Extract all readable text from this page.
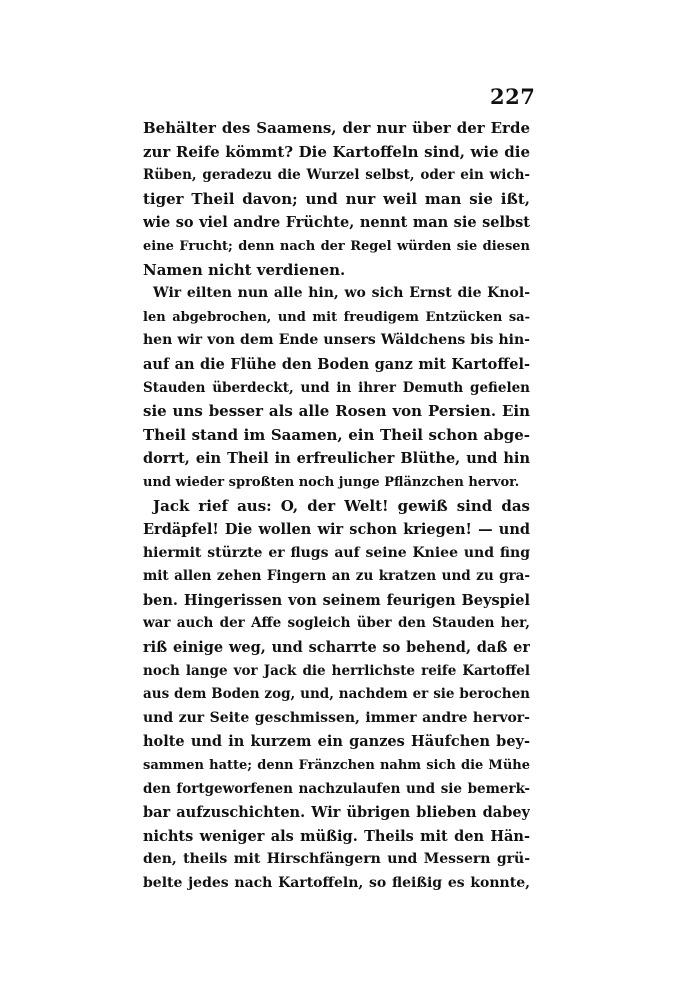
227
Behälter des Saamens, der nur über der Erde
zur Reife kömmt? Die Kartoffeln sind, wie die
Rüben, geradezu die Wurzel selbst, oder ein wich-
tiger Theil davon; und nur weil man sie ißt,
wie so viel andre Früchte, nennt man sie selbst
eine Frucht; denn nach der Regel würden sie diesen
Namen nicht verdienen.
Wir eilten nun alle hin, wo sich Ernst die Knol-
len abgebrochen, und mit freudigem Entzücken sa-
hen wir von dem Ende unsers Wäldchens bis hin-
auf an die Flühe den Boden ganz mit Kartoffel-
Stauden überdeckt, und in ihrer Demuth gefielen
sie uns besser als alle Rosen von Persien. Ein
Theil stand im Saamen, ein Theil schon abge-
dorrt, ein Theil in erfreulicher Blüthe, und hin
und wieder sproßten noch junge Pflänzchen hervor.
Jack rief aus: O, der Welt! gewiß sind das
Erdäpfel! Die wollen wir schon kriegen! — und
hiermit stürzte er flugs auf seine Kniee und fing
mit allen zehen Fingern an zu kratzen und zu gra-
ben. Hingerissen von seinem feurigen Beyspiel
war auch der Affe sogleich über den Stauden her,
riß einige weg, und scharrte so behend, daß er
noch lange vor Jack die herrlichste reife Kartoffel
aus dem Boden zog, und, nachdem er sie berochen
und zur Seite geschmissen, immer andre hervor-
holte und in kurzem ein ganzes Häufchen bey-
sammen hatte; denn Fränzchen nahm sich die Mühe
den fortgeworfenen nachzulaufen und sie bemerk-
bar aufzuschichten. Wir übrigen blieben dabey
nichts weniger als müßig. Theils mit den Hän-
den, theils mit Hirschfängern und Messern grü-
belte jedes nach Kartoffeln, so fleißig es konnte,
